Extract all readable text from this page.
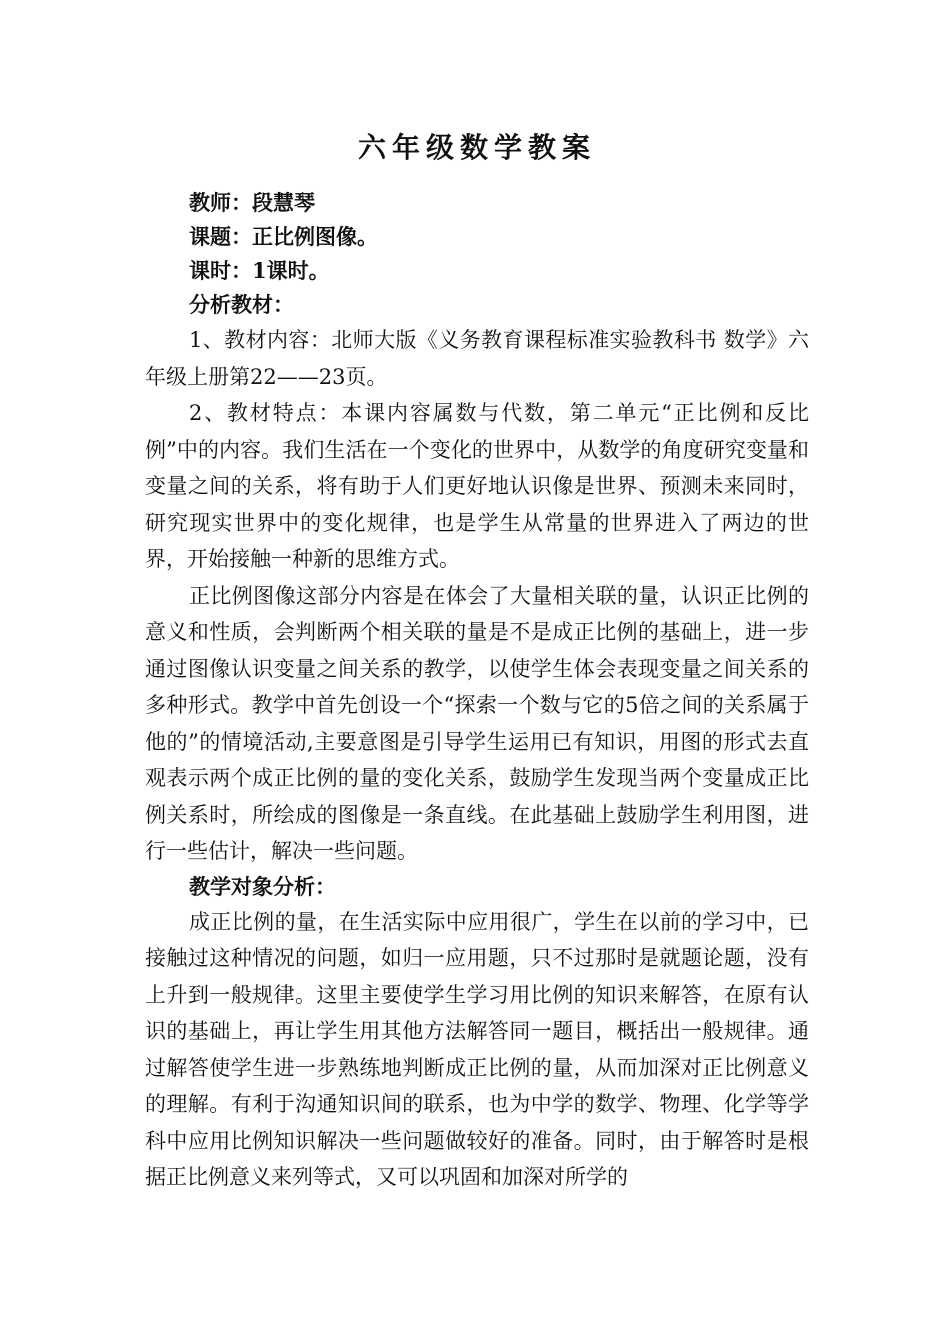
六年级数学教案

教师：段慧琴

课题：正比例图像。

课时：1课时。

分析教材：

1、教材内容：北师大版《义务教育课程标准实验教科书 数学》六年级上册第22——23页。

2、教材特点：本课内容属数与代数，第二单元“正比例和反比例”中的内容。我们生活在一个变化的世界中，从数学的角度研究变量和变量之间的关系，将有助于人们更好地认识像是世界、预测未来同时，研究现实世界中的变化规律，也是学生从常量的世界进入了两边的世界，开始接触一种新的思维方式。

正比例图像这部分内容是在体会了大量相关联的量，认识正比例的意义和性质，会判断两个相关联的量是不是成正比例的基础上，进一步通过图像认识变量之间关系的教学，以使学生体会表现变量之间关系的多种形式。教学中首先创设一个“探索一个数与它的5倍之间的关系属于他的”的情境活动,主要意图是引导学生运用已有知识，用图的形式去直观表示两个成正比例的量的变化关系，鼓励学生发现当两个变量成正比例关系时，所绘成的图像是一条直线。在此基础上鼓励学生利用图，进行一些估计，解决一些问题。

教学对象分析：

成正比例的量，在生活实际中应用很广，学生在以前的学习中，已接触过这种情况的问题，如归一应用题，只不过那时是就题论题，没有上升到一般规律。这里主要使学生学习用比例的知识来解答，在原有认识的基础上，再让学生用其他方法解答同一题目，概括出一般规律。通过解答使学生进一步熟练地判断成正比例的量，从而加深对正比例意义的理解。有利于沟通知识间的联系，也为中学的数学、物理、化学等学科中应用比例知识解决一些问题做较好的准备。同时，由于解答时是根据正比例意义来列等式，又可以巩固和加深对所学的
